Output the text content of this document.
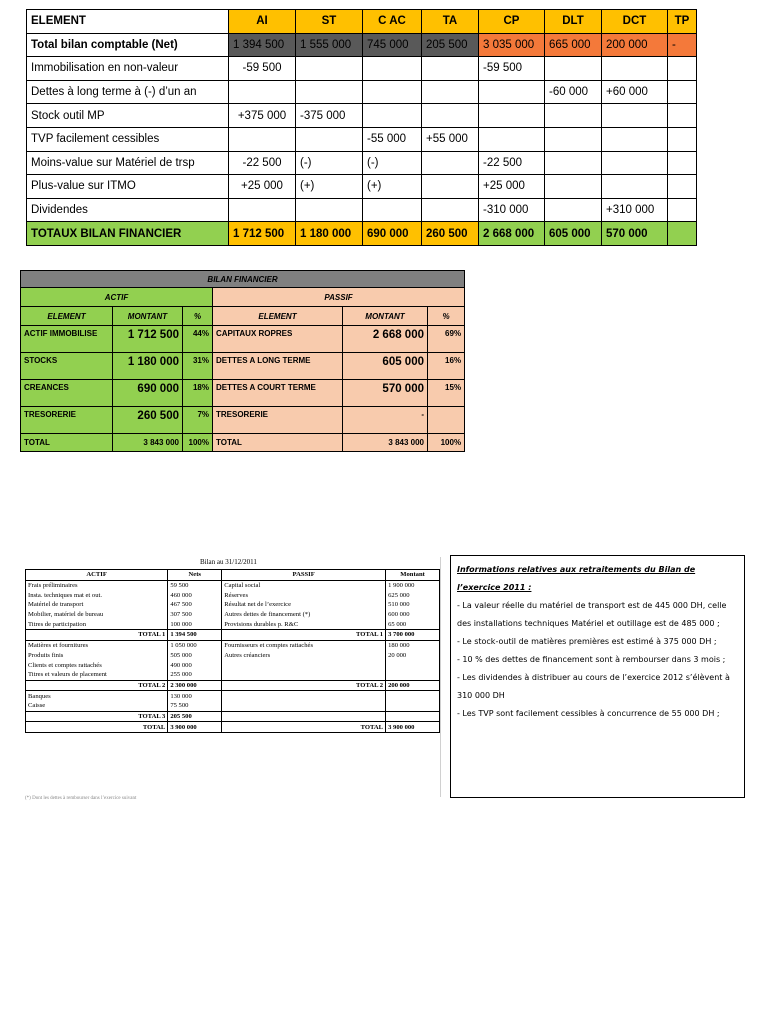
ELEMENT	AI	ST	C AC	TA	CP	DLT	DCT	TP
Total bilan comptable (Net)	1 394 500	1 555 000	745 000	205 500	3 035 000	665 000	200 000	-
Immobilisation en non-valeur	-59 500				-59 500			
Dettes à long terme à (-) d’un an						-60 000	+60 000	
Stock outil MP	+375 000	-375 000						
TVP facilement cessibles			-55 000	+55 000				
Moins-value sur Matériel de trsp	-22 500	(-)	(-)		-22 500			
Plus-value sur ITMO	+25 000	(+)	(+)		+25 000			
Dividendes					-310 000		+310 000	
TOTAUX BILAN FINANCIER	1 712 500	1 180 000	690 000	260 500	2 668 000	605 000	570 000	
BILAN FINANCIER					
ACTIF			PASSIF		
ELEMENT	MONTANT	%	ELEMENT	MONTANT	%
ACTIF IMMOBILISE	1 712 500	44%	CAPITAUX ROPRES	2 668 000	69%
STOCKS	1 180 000	31%	DETTES A LONG TERME	605 000	16%
CREANCES	690 000	18%	DETTES A COURT TERME	570 000	15%
TRESORERIE	260 500	7%	TRESORERIE	-	
TOTAL	3 843 000	100%	TOTAL	3 843 000	100%
Bilan au 31/12/2011
ACTIF	Nets	PASSIF	Montant
Frais préliminaires	59 500	Capital social	1 900 000
Insta. techniques mat et out.	460 000	Réserves	625 000
Matériel de transport	467 500	Résultat net de l’exercice	510 000
Mobilier, matériel de bureau	307 500	Autres dettes de financement (*)	600 000
Titres de participation	100 000	Provisions durables p. R&C	65 000
TOTAL 1	1 394 500	TOTAL 1	3 700 000
Matières et fournitures	1 050 000	Fournisseurs et comptes rattachés	180 000
Produits finis	505 000	Autres créanciers	20 000
Clients et comptes rattachés	490 000		
Titres et valeurs de placement	255 000		
TOTAL 2	2 300 000	TOTAL 2	200 000
Banques	130 000		
Caisse	75 500		
TOTAL 3	205 500		
TOTAL	3 900 000	TOTAL	3 900 000
(*) Dont les dettes à rembourser dans l’exercice suivant

Informations relatives aux retraitements du Bilan de l’exercice 2011 :

- La valeur réelle du matériel de transport est de 445 000 DH, celle des installations techniques Matériel et outillage est de 485 000 ;

- Le stock-outil de matières premières est estimé à 375 000 DH ;

- 10 % des dettes de financement sont à rembourser dans 3 mois ;

- Les dividendes à distribuer au cours de l’exercice 2012 s’élèvent à 310 000 DH

- Les TVP sont facilement cessibles à concurrence de 55 000 DH ;
